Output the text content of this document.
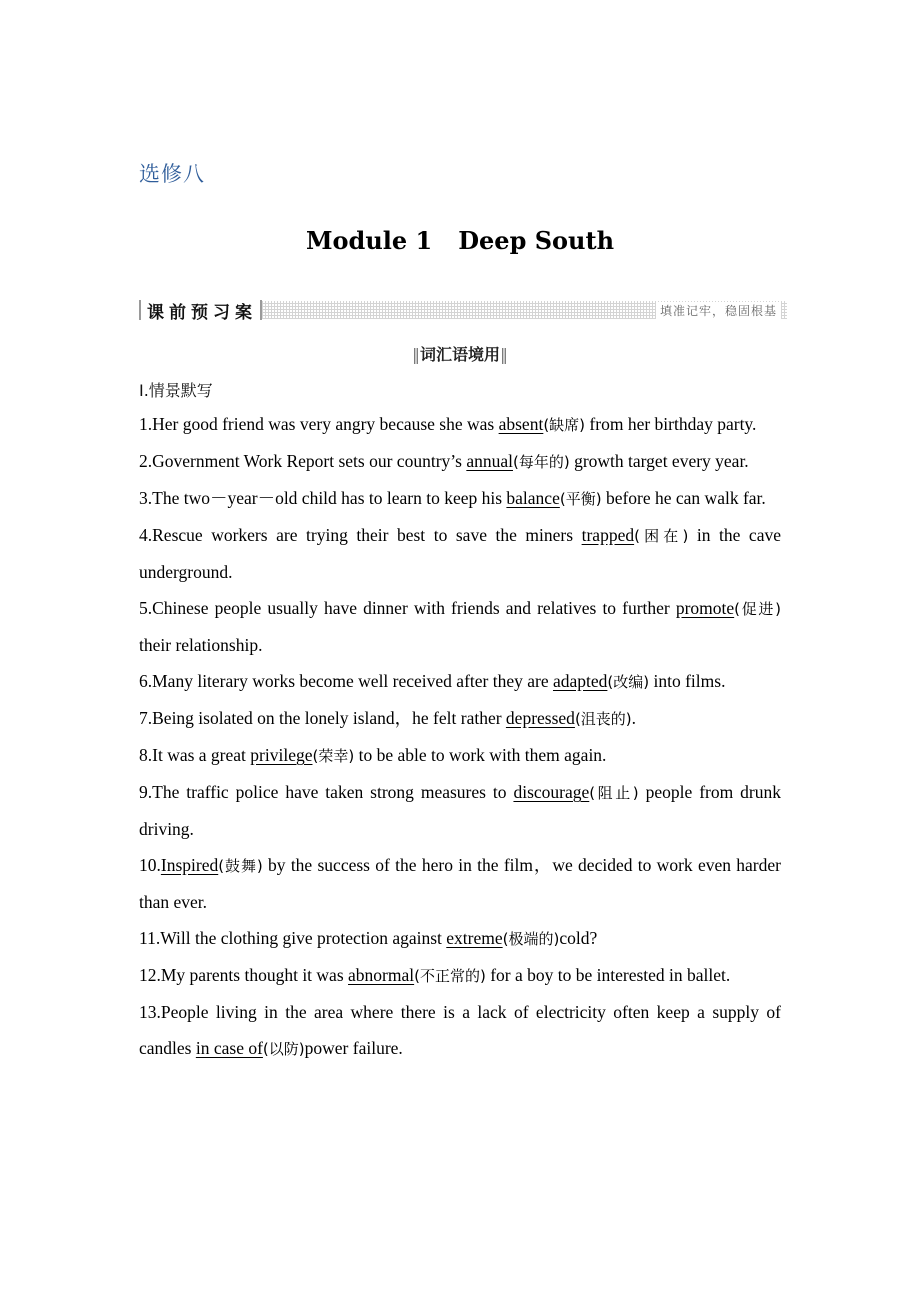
选修八
Module 1 Deep South
课前预习案	填准记牢，稳固根基
‖词汇语境用‖
Ⅰ.情景默写

1.Her good friend was very angry because she was absent(缺席) from her birthday party.

2.Government Work Report sets our country’s annual(每年的) growth target every year.

3.The two－year－old child has to learn to keep his balance(平衡) before he can walk far.

4.Rescue workers are trying their best to save the miners trapped(困在) in the cave underground.

5.Chinese people usually have dinner with friends and relatives to further promote(促进) their relationship.

6.Many literary works become well received after they are adapted(改编) into films.

7.Being isolated on the lonely island，he felt rather depressed(沮丧的).

8.It was a great privilege(荣幸) to be able to work with them again.

9.The traffic police have taken strong measures to discourage(阻止) people from drunk driving.

10.Inspired(鼓舞) by the success of the hero in the film，we decided to work even harder than ever.

11.Will the clothing give protection against extreme(极端的)cold?

12.My parents thought it was abnormal(不正常的) for a boy to be interested in ballet.

13.People living in the area where there is a lack of electricity often keep a supply of candles in case of(以防)power failure.
